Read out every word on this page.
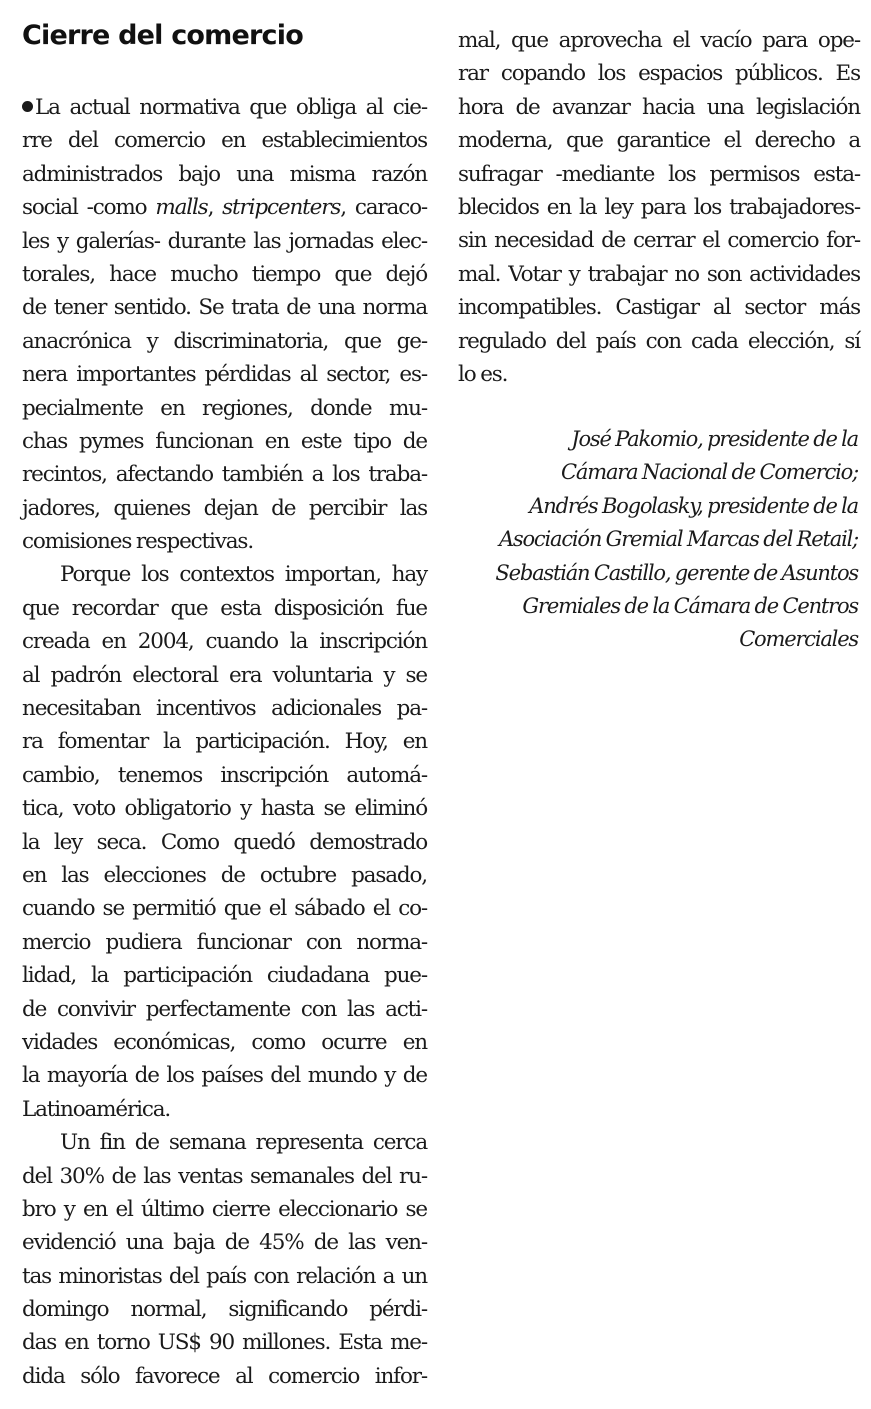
Cierre del comercio
La actual normativa que obliga al cie-
rre del comercio en establecimientos
administrados bajo una misma razón
social -como malls, stripcenters, caraco-
les y galerías- durante las jornadas elec-
torales, hace mucho tiempo que dejó
de tener sentido. Se trata de una norma
anacrónica y discriminatoria, que ge-
nera importantes pérdidas al sector, es-
pecialmente en regiones, donde mu-
chas pymes funcionan en este tipo de
recintos, afectando también a los traba-
jadores, quienes dejan de percibir las
comisiones respectivas.
Porque los contextos importan, hay
que recordar que esta disposición fue
creada en 2004, cuando la inscripción
al padrón electoral era voluntaria y se
necesitaban incentivos adicionales pa-
ra fomentar la participación. Hoy, en
cambio, tenemos inscripción automá-
tica, voto obligatorio y hasta se eliminó
la ley seca. Como quedó demostrado
en las elecciones de octubre pasado,
cuando se permitió que el sábado el co-
mercio pudiera funcionar con norma-
lidad, la participación ciudadana pue-
de convivir perfectamente con las acti-
vidades económicas, como ocurre en
la mayoría de los países del mundo y de
Latinoamérica.
Un fin de semana representa cerca
del 30% de las ventas semanales del ru-
bro y en el último cierre eleccionario se
evidenció una baja de 45% de las ven-
tas minoristas del país con relación a un
domingo normal, significando pérdi-
das en torno US$ 90 millones. Esta me-
dida sólo favorece al comercio infor-
mal, que aprovecha el vacío para ope-
rar copando los espacios públicos. Es
hora de avanzar hacia una legislación
moderna, que garantice el derecho a
sufragar -mediante los permisos esta-
blecidos en la ley para los trabajadores-
sin necesidad de cerrar el comercio for-
mal. Votar y trabajar no son actividades
incompatibles. Castigar al sector más
regulado del país con cada elección, sí
lo es.
José Pakomio, presidente de la
Cámara Nacional de Comercio;
Andrés Bogolasky, presidente de la
Asociación Gremial Marcas del Retail;
Sebastián Castillo, gerente de Asuntos
Gremiales de la Cámara de Centros
Comerciales
